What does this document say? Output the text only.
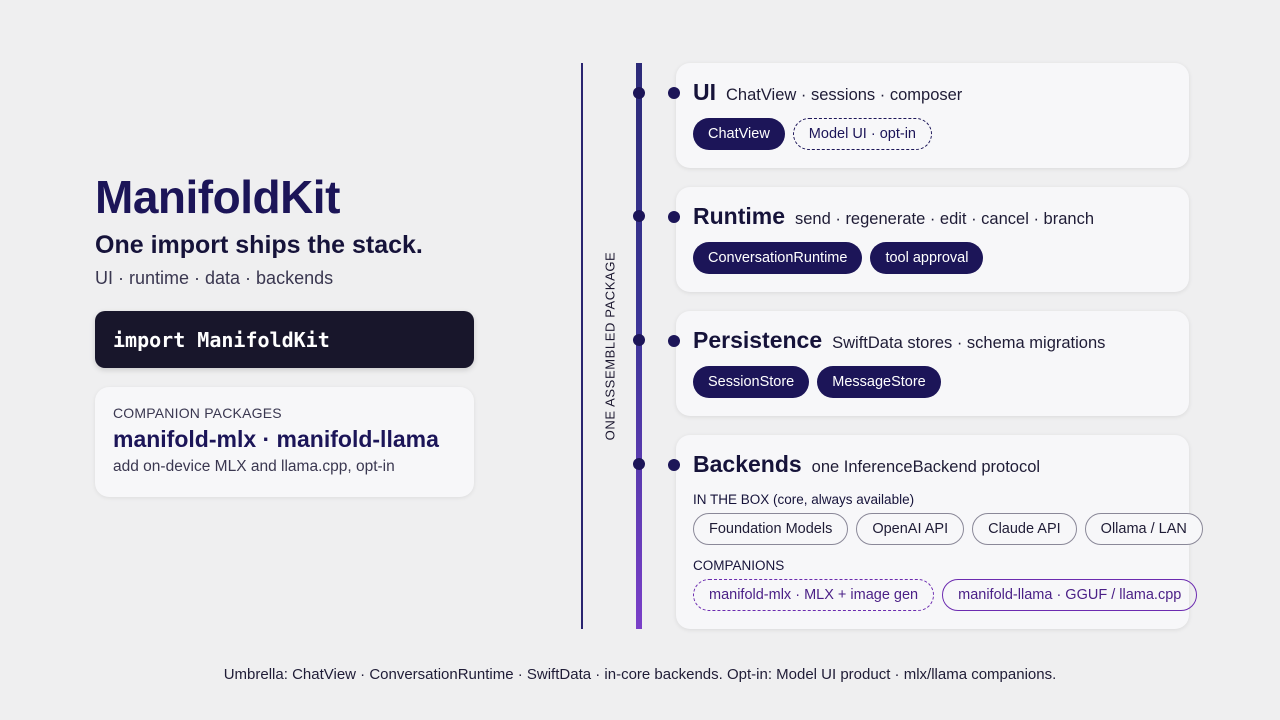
ManifoldKit
One import ships the stack.
UI · runtime · data · backends
import ManifoldKit
COMPANION PACKAGES
manifold-mlx · manifold-llama
add on-device MLX and llama.cpp, opt-in
ONE ASSEMBLED PACKAGE
UI ChatView · sessions · composer
ChatView	Model UI · opt-in
Runtime send · regenerate · edit · cancel · branch
ConversationRuntime	tool approval
Persistence SwiftData stores · schema migrations
SessionStore	MessageStore
Backends one InferenceBackend protocol
IN THE BOX (core, always available)
Foundation Models	OpenAI API	Claude API	Ollama / LAN
COMPANIONS
manifold-mlx · MLX + image gen	manifold-llama · GGUF / llama.cpp
Umbrella: ChatView · ConversationRuntime · SwiftData · in-core backends. Opt-in: Model UI product · mlx/llama companions.
